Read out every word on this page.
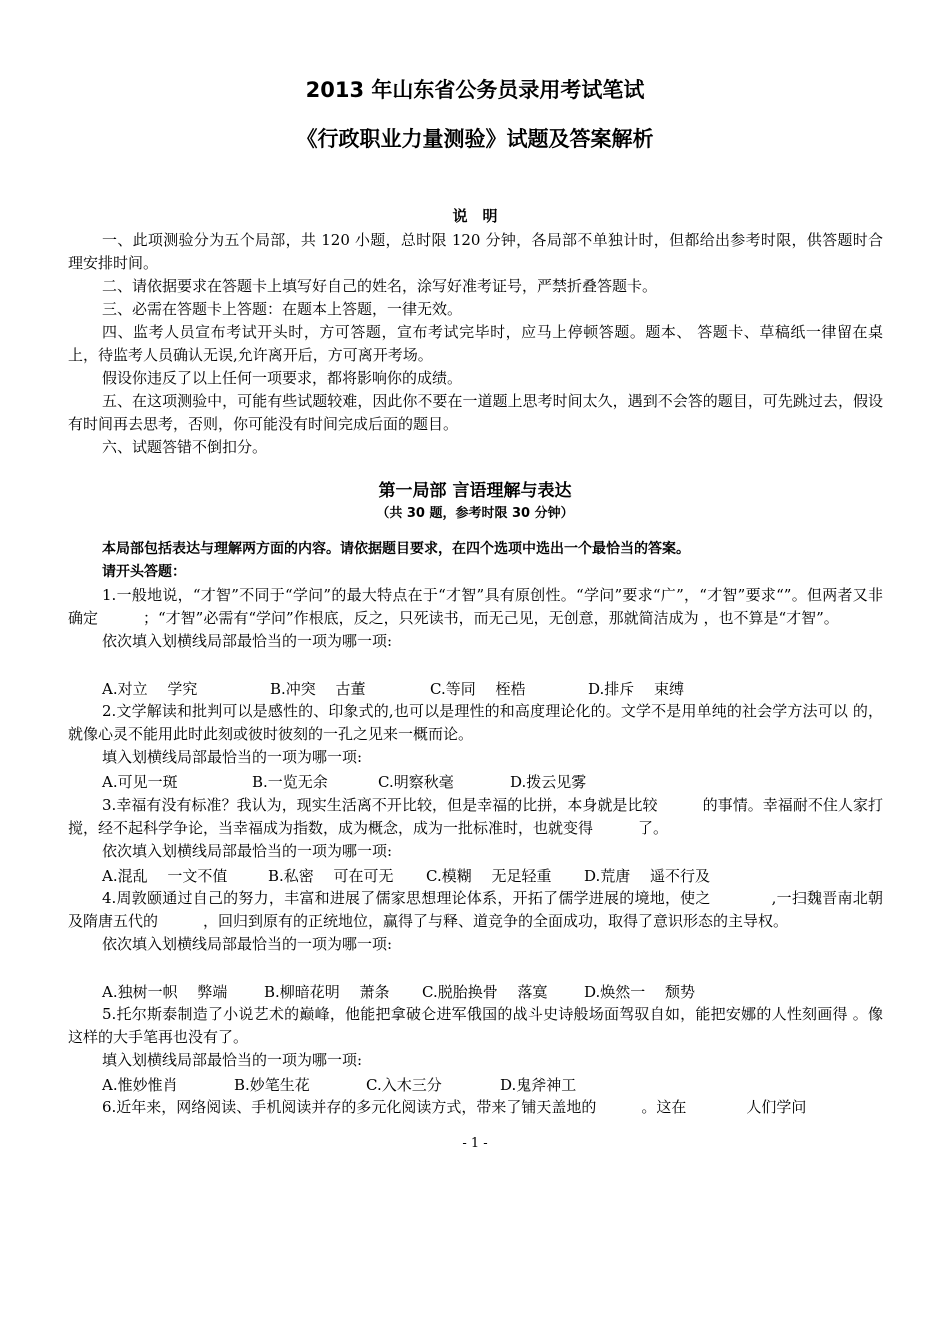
2013 年山东省公务员录用考试笔试
《行政职业力量测验》试题及答案解析
说　明

一、此项测验分为五个局部，共 120 小题，总时限 120 分钟，各局部不单独计时，但都给出参考时限，供答题时合理安排时间。

二、请依据要求在答题卡上填写好自己的姓名，涂写好准考证号，严禁折叠答题卡。

三、必需在答题卡上答题：在题本上答题，一律无效。

四、监考人员宣布考试开头时，方可答题，宣布考试完毕时，应马上停顿答题。题本、 答题卡、草稿纸一律留在桌上，待监考人员确认无误,允许离开后，方可离开考场。

假设你违反了以上任何一项要求，都将影响你的成绩。

五、在这项测验中，可能有些试题较难，因此你不要在一道题上思考时间太久，遇到不会答的题目，可先跳过去，假设有时间再去思考，否则，你可能没有时间完成后面的题目。

六、试题答错不倒扣分。

第一局部 言语理解与表达
（共 30 题，参考时限 30 分钟）

本局部包括表达与理解两方面的内容。请依据题目要求，在四个选项中选出一个最恰当的答案。

请开头答题：

1.一般地说，“才智”不同于“学问”的最大特点在于“才智”具有原创性。“学问”要求“广”，“才智”要求“”。但两者又非确定　　　；“才智”必需有“学问”作根底，反之，只死读书，而无己见，无创意，那就简洁成为 ，也不算是“才智”。

依次填入划横线局部最恰当的一项为哪一项:

A.对立　 学究	B.冲突　 古董	C.等同　 桎梏	D.排斥　 束缚

2.文学解读和批判可以是感性的、印象式的,也可以是理性的和高度理论化的。文学不是用单纯的社会学方法可以 的，就像心灵不能用此时此刻或彼时彼刻的一孔之见来一概而论。

填入划横线局部最恰当的一项为哪一项:

A.可见一斑	B.一览无余	C.明察秋毫	D.拨云见雾

3.幸福有没有标准？我认为，现实生活离不开比较，但是幸福的比拼，本身就是比较　　　的事情。幸福耐不住人家打搅，经不起科学争论，当幸福成为指数，成为概念，成为一批标准时，也就变得　　　了。

依次填入划横线局部最恰当的一项为哪一项:

A.混乱　 一文不值	B.私密　 可在可无 C.模糊　 无足轻重 D.荒唐　 遥不行及

4.周敦颐通过自己的努力，丰富和进展了儒家思想理论体系，开拓了儒学进展的境地，使之　　　　,一扫魏晋南北朝及隋唐五代的　　　，回归到原有的正统地位，赢得了与释、道竞争的全面成功，取得了意识形态的主导权。

依次填入划横线局部最恰当的一项为哪一项:

A.独树一帜　 弊端 B.柳暗花明　 萧条 C.脱胎换骨　 落寞 D.焕然一　 颓势

5.托尔斯泰制造了小说艺术的巅峰，他能把拿破仑进军俄国的战斗史诗般场面驾驭自如，能把安娜的人性刻画得 。像这样的大手笔再也没有了。

填入划横线局部最恰当的一项为哪一项:

A.惟妙惟肖	B.妙笔生花	C.入木三分	D.鬼斧神工

6.近年来，网络阅读、手机阅读并存的多元化阅读方式，带来了铺天盖地的　　　。这在　　　　人们学问

- 1 -
